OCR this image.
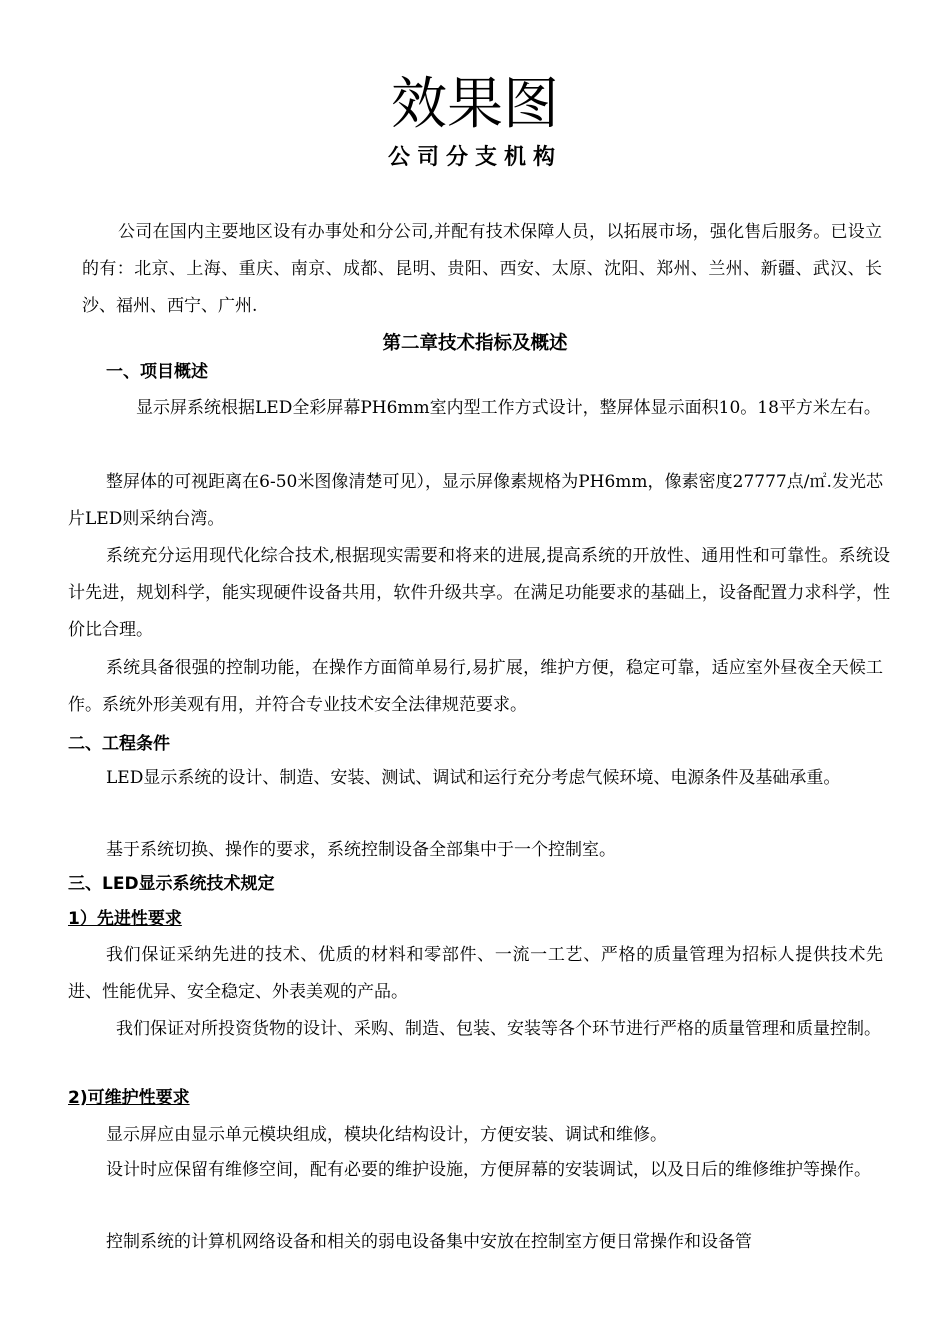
效果图
公司分支机构

公司在国内主要地区设有办事处和分公司,并配有技术保障人员，以拓展市场，强化售后服务。已设立的有：北京、上海、重庆、南京、成都、昆明、贵阳、西安、太原、沈阳、郑州、兰州、新疆、武汉、长沙、福州、西宁、广州.

第二章技术指标及概述
一、项目概述

显示屏系统根据LED全彩屏幕PH6mm室内型工作方式设计，整屏体显示面积10。18平方米左右。

整屏体的可视距离在6-50米图像清楚可见），显示屏像素规格为PH6mm，像素密度27777点/㎡.发光芯片LED则采纳台湾。

系统充分运用现代化综合技术,根据现实需要和将来的进展,提高系统的开放性、通用性和可靠性。系统设计先进，规划科学，能实现硬件设备共用，软件升级共享。在满足功能要求的基础上，设备配置力求科学，性价比合理。

系统具备很强的控制功能，在操作方面简单易行,易扩展，维护方便，稳定可靠，适应室外昼夜全天候工作。系统外形美观有用，并符合专业技术安全法律规范要求。

二、工程条件

LED显示系统的设计、制造、安装、测试、调试和运行充分考虑气候环境、电源条件及基础承重。

基于系统切换、操作的要求，系统控制设备全部集中于一个控制室。

三、LED显示系统技术规定
1）先进性要求

我们保证采纳先进的技术、优质的材料和零部件、一流一工艺、严格的质量管理为招标人提供技术先进、性能优异、安全稳定、外表美观的产品。

我们保证对所投资货物的设计、采购、制造、包装、安装等各个环节进行严格的质量管理和质量控制。

2)可维护性要求

显示屏应由显示单元模块组成，模块化结构设计，方便安装、调试和维修。

设计时应保留有维修空间，配有必要的维护设施，方便屏幕的安装调试，以及日后的维修维护等操作。

控制系统的计算机网络设备和相关的弱电设备集中安放在控制室方便日常操作和设备管
